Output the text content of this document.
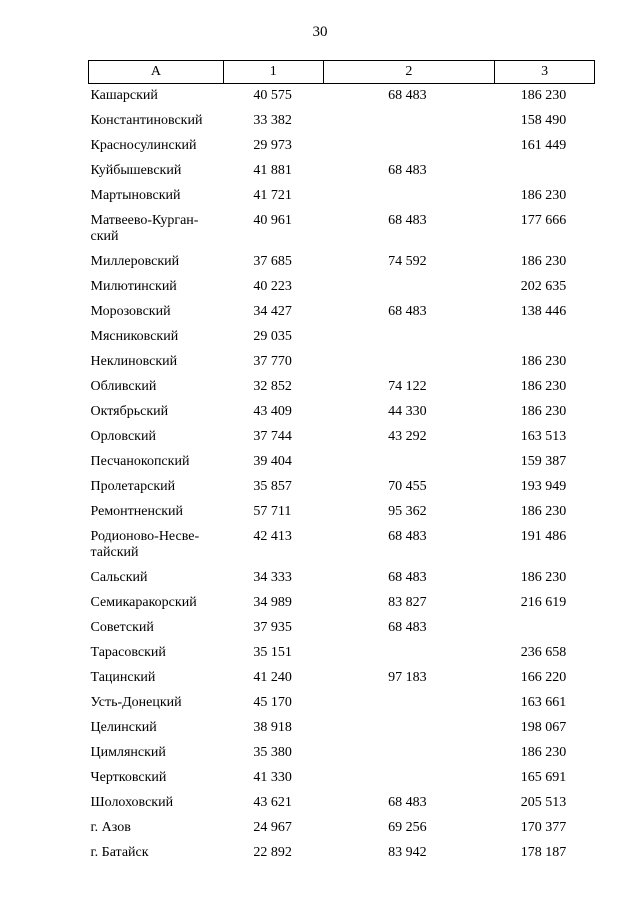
30
А	1	2	3
Кашарский	40 575	68 483	186 230
Константиновский	33 382		158 490
Красносулинский	29 973		161 449
Куйбышевский	41 881	68 483	
Мартыновский	41 721		186 230
Матвеево-Курган-
ский	40 961	68 483	177 666
Миллеровский	37 685	74 592	186 230
Милютинский	40 223		202 635
Морозовский	34 427	68 483	138 446
Мясниковский	29 035		
Неклиновский	37 770		186 230
Обливский	32 852	74 122	186 230
Октябрьский	43 409	44 330	186 230
Орловский	37 744	43 292	163 513
Песчанокопский	39 404		159 387
Пролетарский	35 857	70 455	193 949
Ремонтненский	57 711	95 362	186 230
Родионово-Несве-
тайский	42 413	68 483	191 486
Сальский	34 333	68 483	186 230
Семикаракорский	34 989	83 827	216 619
Советский	37 935	68 483	
Тарасовский	35 151		236 658
Тацинский	41 240	97 183	166 220
Усть-Донецкий	45 170		163 661
Целинский	38 918		198 067
Цимлянский	35 380		186 230
Чертковский	41 330		165 691
Шолоховский	43 621	68 483	205 513
г. Азов	24 967	69 256	170 377
г. Батайск	22 892	83 942	178 187
